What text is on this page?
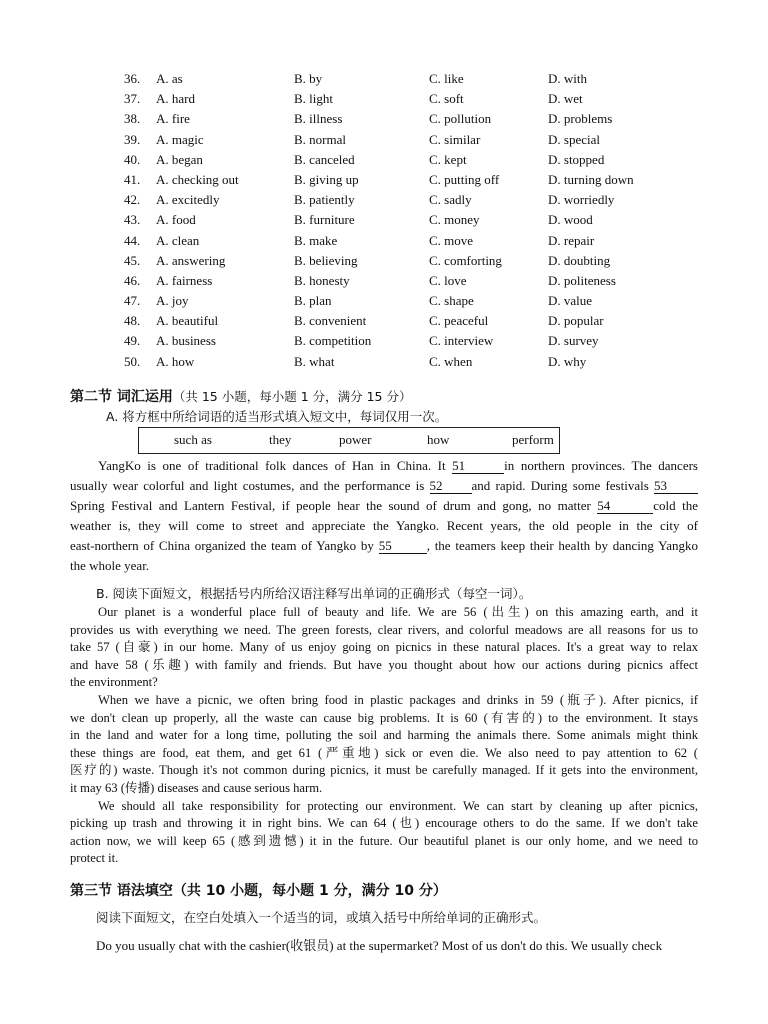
36. A. as	B. by	C. like	D. with
37. A. hard	B. light	C. soft	D. wet
38. A. fire	B. illness	C. pollution	D. problems
39. A. magic	B. normal	C. similar	D. special
40. A. began	B. canceled	C. kept	D. stopped
41. A. checking out	B. giving up	C. putting off	D. turning down
42. A. excitedly	B. patiently	C. sadly	D. worriedly
43. A. food	B. furniture	C. money	D. wood
44. A. clean	B. make	C. move	D. repair
45. A. answering	B. believing	C. comforting	D. doubting
46. A. fairness	B. honesty	C. love	D. politeness
47. A. joy	B. plan	C. shape	D. value
48. A. beautiful	B. convenient	C. peaceful	D. popular
49. A. business	B. competition	C. interview	D. survey
50. A. how	B. what	C. when	D. why
第二节 词汇运用（共 15 小题，每小题 1 分，满分 15 分）
A. 将方框中所给词语的适当形式填入短文中，每词仅用一次。
such as	they	power	how	perform
YangKo is one of traditional folk dances of Han in China. It 51	in northern provinces. The dancers
usually wear colorful and light costumes, and the performance is 52 and rapid. During some festivals 53
Spring Festival and Lantern Festival, if people hear the sound of drum and gong, no matter 54	cold the
weather is, they will come to street and appreciate the Yangko. Recent years, the old people in the city of
east-northern of China organized the team of Yangko by 55	, the teamers keep their health by dancing Yangko
the whole year.
B. 阅读下面短文，根据括号内所给汉语注释写出单词的正确形式（每空一词）。
Our planet is a wonderful place full of beauty and life. We are 56 (出生) on this amazing earth, and it
provides us with everything we need. The green forests, clear rivers, and colorful meadows are all reasons for us to
take 57 (自豪) in our home. Many of us enjoy going on picnics in these natural places. It's a great way to relax
and have 58 (乐趣) with family and friends. But have you thought about how our actions during picnics affect
the environment?
When we have a picnic, we often bring food in plastic packages and drinks in 59 (瓶子). After picnics, if
we don't clean up properly, all the waste can cause big problems. It is 60 (有害的) to the environment. It stays
in the land and water for a long time, polluting the soil and harming the animals there. Some animals might think
these things are food, eat them, and get 61 (严重地) sick or even die. We also need to pay attention to 62 (
医疗的) waste. Though it's not common during picnics, it must be carefully managed. If it gets into the environment,
it may 63 (传播) diseases and cause serious harm.
We should all take responsibility for protecting our environment. We can start by cleaning up after picnics,
picking up trash and throwing it in right bins. We can 64 (也) encourage others to do the same. If we don't take
action now, we will keep 65 (感到遗憾) it in the future. Our beautiful planet is our only home, and we need to
protect it.
第三节 语法填空（共 10 小题，每小题 1 分，满分 10 分）
阅读下面短文，在空白处填入一个适当的词，或填入括号中所给单词的正确形式。
Do you usually chat with the cashier(收银员) at the supermarket? Most of us don't do this. We usually check
